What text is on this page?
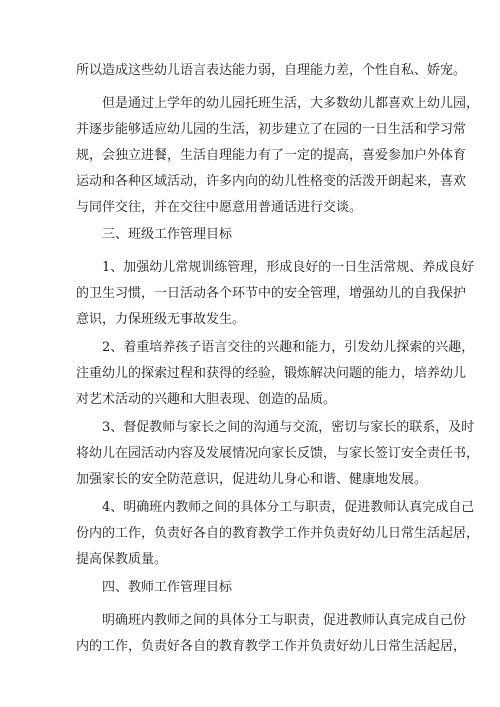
所以造成这些幼儿语言表达能力弱，自理能力差，个性自私、娇宠。
但是通过上学年的幼儿园托班生活，大多数幼儿都喜欢上幼儿园，
并逐步能够适应幼儿园的生活，初步建立了在园的一日生活和学习常
规，会独立进餐，生活自理能力有了一定的提高，喜爱参加户外体育
运动和各种区域活动，许多内向的幼儿性格变的活泼开朗起来，喜欢
与同伴交往，并在交往中愿意用普通话进行交谈。
三、班级工作管理目标
1、加强幼儿常规训练管理，形成良好的一日生活常规、养成良好
的卫生习惯，一日活动各个环节中的安全管理，增强幼儿的自我保护
意识，力保班级无事故发生。
2、着重培养孩子语言交往的兴趣和能力，引发幼儿探索的兴趣，
注重幼儿的探索过程和获得的经验，锻炼解决问题的能力，培养幼儿
对艺术活动的兴趣和大胆表现、创造的品质。
3、督促教师与家长之间的沟通与交流，密切与家长的联系，及时
将幼儿在园活动内容及发展情况向家长反馈，与家长签订安全责任书，
加强家长的安全防范意识，促进幼儿身心和谐、健康地发展。
4、明确班内教师之间的具体分工与职责，促进教师认真完成自己
份内的工作，负责好各自的教育教学工作并负责好幼儿日常生活起居，
提高保教质量。
四、教师工作管理目标
明确班内教师之间的具体分工与职责，促进教师认真完成自己份
内的工作，负责好各自的教育教学工作并负责好幼儿日常生活起居，
